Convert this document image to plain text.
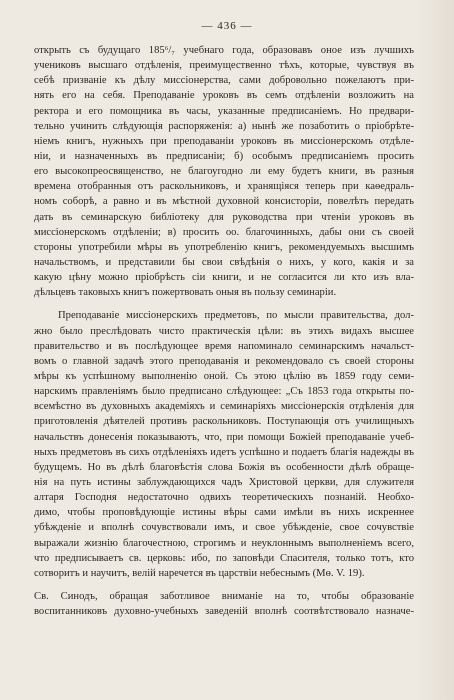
— 436 —
открыть съ будущаго 185⁶/₇ учебнаго года, образовавъ оное изъ лучшихъ
учениковъ высшаго отдѣленія, преимущественно тѣхъ, которые, чувствуя въ
себѣ призваніе къ дѣлу миссіонерства, сами добровольно пожелаютъ при-
нять его на себя. Преподаваніе уроковъ въ семъ отдѣленіи возложить на
ректора и его помощника въ часы, указанные предписаніемъ. Но предвари-
тельно учинить слѣдующія распоряженія: а) нынѣ же позаботить о пріобрѣте-
ніемъ книгъ, нужныхъ при преподаваніи уроковъ въ миссіонерскомъ отдѣле-
ніи, и назначенныхъ въ предписаніи; б) особымъ предписаніемъ просить
его высокопреосвященство, не благоугодно ли ему будетъ книги, въ разныя
времена отобранныя отъ раскольниковъ, и хранящіяся теперь при каѳедраль-
номъ соборѣ, а равно и въ мѣстной духовной консисторіи, повелѣть передать
дать въ семинарскую библіотеку для руководства при чтеніи уроковъ въ
миссіонерскомъ отдѣленіи; в) просить оо. благочинныхъ, дабы они съ своей
стороны употребили мѣры въ употребленію книгъ, рекомендуемыхъ высшимъ
начальствомъ, и представили бы свои свѣдѣнія о нихъ, у кого, какія и за
какую цѣну можно пріобрѣсть сіи книги, и не согласится ли кто изъ вла-
дѣльцевъ таковыхъ книгъ пожертвовать оныя въ пользу семинаріи.
Преподаваніе миссіонерскихъ предметовъ, по мысли правительства, дол-
жно было преслѣдовать чисто практическія цѣли: въ этихъ видахъ высшее
правительство и въ послѣдующее время напоминало семинарскимъ начальст-
вомъ о главной задачѣ этого преподаванія и рекомендовало съ своей стороны
мѣры къ успѣшному выполненію оной. Съ этою цѣлію въ 1859 году семи-
нарскимъ правленіямъ было предписано слѣдующее: „Съ 1853 года открыты по-
всемѣстно въ духовныхъ академіяхъ и семинаріяхъ миссіонерскія отдѣленія для
приготовленія дѣятелей противъ раскольниковъ. Поступающія отъ училищныхъ
начальствъ донесенія показываютъ, что, при помощи Божіей преподаваніе учеб-
ныхъ предметовъ въ сихъ отдѣленіяхъ идетъ успѣшно и подаетъ благія надежды въ
будущемъ. Но въ дѣлѣ благовѣстія слова Божія въ особенности дѣлѣ обраще-
нія на путь истины заблуждающихся чадъ Христовой церкви, для служителя
алтаря Господня недостаточно одвихъ теоретическихъ познаній. Необхо-
димо, чтобы проповѣдующіе истины вѣры сами имѣли въ нихъ искреннее
убѣжденіе и вполнѣ сочувствовали имъ, и свое убѣжденіе, свое сочувствіе
выражали жизнію благочестною, строгимъ и неуклоннымъ выполненіемъ всего,
что предписываетъ св. церковь: ибо, по заповѣди Спасителя, только тотъ, кто
сотворитъ и научитъ, велій наречется въ царствіи небеснымъ (Мѳ. V. 19).
Св. Синодъ, обращая заботливое вниманіе на то, чтобы образованіе
воспитанниковъ духовно-учебныхъ заведеній вполнѣ соотвѣтствовало назначе-
